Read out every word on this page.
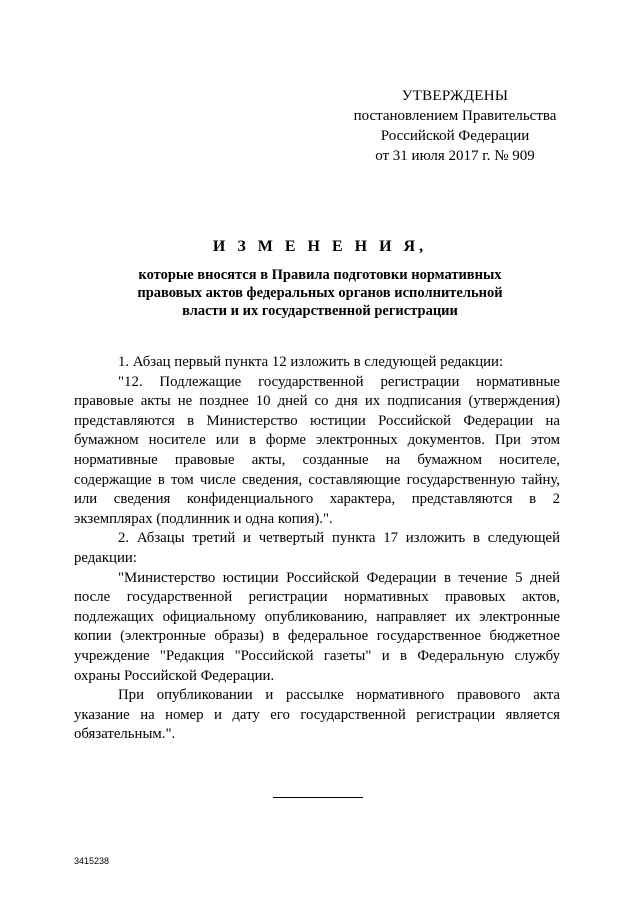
УТВЕРЖДЕНЫ
постановлением Правительства
Российской Федерации
от 31 июля 2017 г. № 909
И З М Е Н Е Н И Я,
которые вносятся в Правила подготовки нормативных
правовых актов федеральных органов исполнительной
власти и их государственной регистрации

1. Абзац первый пункта 12 изложить в следующей редакции:

"12. Подлежащие государственной регистрации нормативные правовые акты не позднее 10 дней со дня их подписания (утверждения) представляются в Министерство юстиции Российской Федерации на бумажном носителе или в форме электронных документов. При этом нормативные правовые акты, созданные на бумажном носителе, содержащие в том числе сведения, составляющие государственную тайну, или сведения конфиденциального характера, представляются в 2 экземплярах (подлинник и одна копия).".

2. Абзацы третий и четвертый пункта 17 изложить в следующей редакции:

"Министерство юстиции Российской Федерации в течение 5 дней после государственной регистрации нормативных правовых актов, подлежащих официальному опубликованию, направляет их электронные копии (электронные образы) в федеральное государственное бюджетное учреждение "Редакция "Российской газеты" и в Федеральную службу охраны Российской Федерации.

При опубликовании и рассылке нормативного правового акта указание на номер и дату его государственной регистрации является обязательным.".

3415238
